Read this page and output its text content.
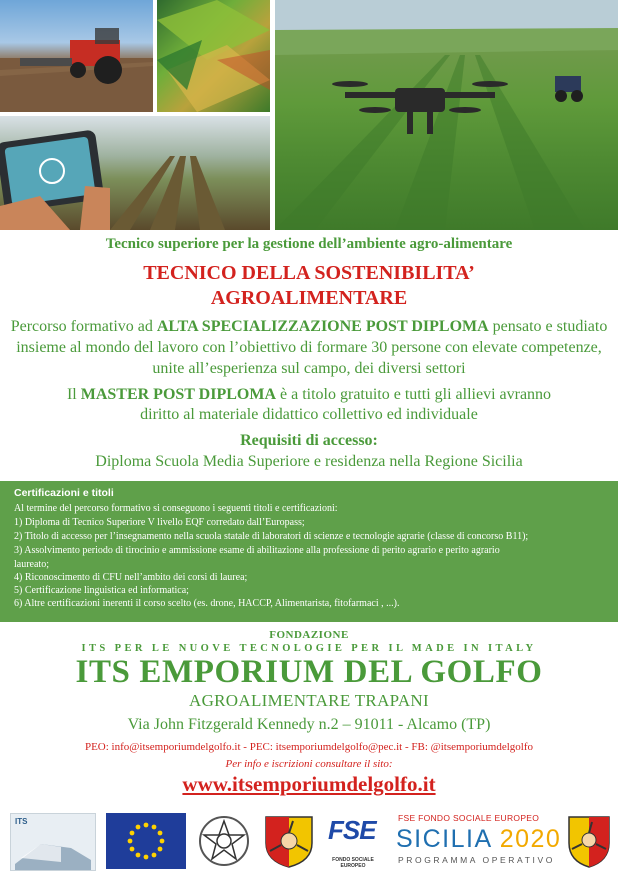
Tecnico superiore per la gestione dell’ambiente agro-alimentare
TECNICO DELLA SOSTENIBILITA’
AGROALIMENTARE
Percorso formativo ad ALTA SPECIALIZZAZIONE POST DIPLOMA pensato e studiato
insieme al mondo del lavoro con l’obiettivo di formare 30 persone con elevate competenze,
unite all’esperienza sul campo, dei diversi settori
Il MASTER POST DIPLOMA è a titolo gratuito e tutti gli allievi avranno
diritto al materiale didattico collettivo ed individuale
Requisiti di accesso:
Diploma Scuola Media Superiore e residenza nella Regione Sicilia
Certificazioni e titoli
Al termine del percorso formativo si conseguono i seguenti titoli e certificazioni:
1) Diploma di Tecnico Superiore V livello EQF corredato dall’Europass;
2) Titolo di accesso per l’insegnamento nella scuola statale di laboratori di scienze e tecnologie agrarie (classe di concorso B11);
3) Assolvimento periodo di tirocinio e ammissione esame di abilitazione alla professione di perito agrario e perito agrario
laureato;
4) Riconoscimento di CFU nell’ambito dei corsi di laurea;
5) Certificazione linguistica ed informatica;
6) Altre certificazioni inerenti il corso scelto (es. drone, HACCP, Alimentarista, fitofarmaci , ...).
FONDAZIONE
ITS PER LE NUOVE TECNOLOGIE PER IL MADE IN ITALY
ITS EMPORIUM DEL GOLFO
AGROALIMENTARE TRAPANI
Via John Fitzgerald Kennedy n.2 – 91011 - Alcamo (TP)
PEO: info@itsemporiumdelgolfo.it - PEC: itsemporiumdelgolfo@pec.it - FB: @itsemporiumdelgolfo
Per info e iscrizioni consultare il sito:
www.itsemporiumdelgolfo.it
ITS	FSE
FONDO SOCIALE EUROPEO
FSE FONDO SOCIALE EUROPEO
SICILIA 2020
PROGRAMMA OPERATIVO
